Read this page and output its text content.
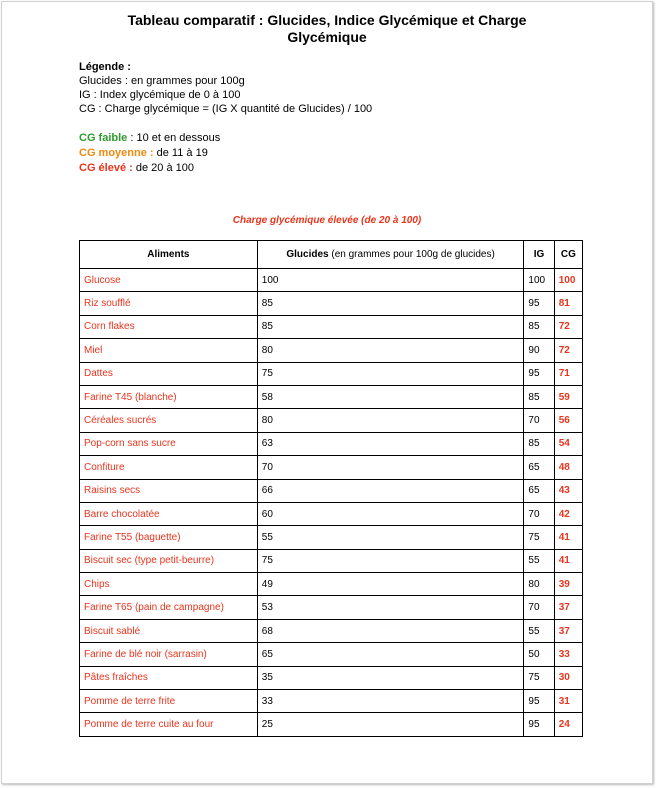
Tableau comparatif : Glucides, Indice Glycémique et Charge
Glycémique
Légende :
Glucides : en grammes pour 100g
IG : Index glycémique de 0 à 100
CG : Charge glycémique = (IG X quantité de Glucides) / 100
CG faible : 10 et en dessous
CG moyenne : de 11 à 19
CG élevé : de 20 à 100
Charge glycémique élevée (de 20 à 100)
Aliments	Glucides (en grammes pour 100g de glucides)	IG	CG
Glucose	100	100	100
Riz soufflé	85	95	81
Corn flakes	85	85	72
Miel	80	90	72
Dattes	75	95	71
Farine T45 (blanche)	58	85	59
Céréales sucrés	80	70	56
Pop-corn sans sucre	63	85	54
Confiture	70	65	48
Raisins secs	66	65	43
Barre chocolatée	60	70	42
Farine T55 (baguette)	55	75	41
Biscuit sec (type petit-beurre)	75	55	41
Chips	49	80	39
Farine T65 (pain de campagne)	53	70	37
Biscuit sablé	68	55	37
Farine de blé noir (sarrasin)	65	50	33
Pâtes fraîches	35	75	30
Pomme de terre frite	33	95	31
Pomme de terre cuite au four	25	95	24
